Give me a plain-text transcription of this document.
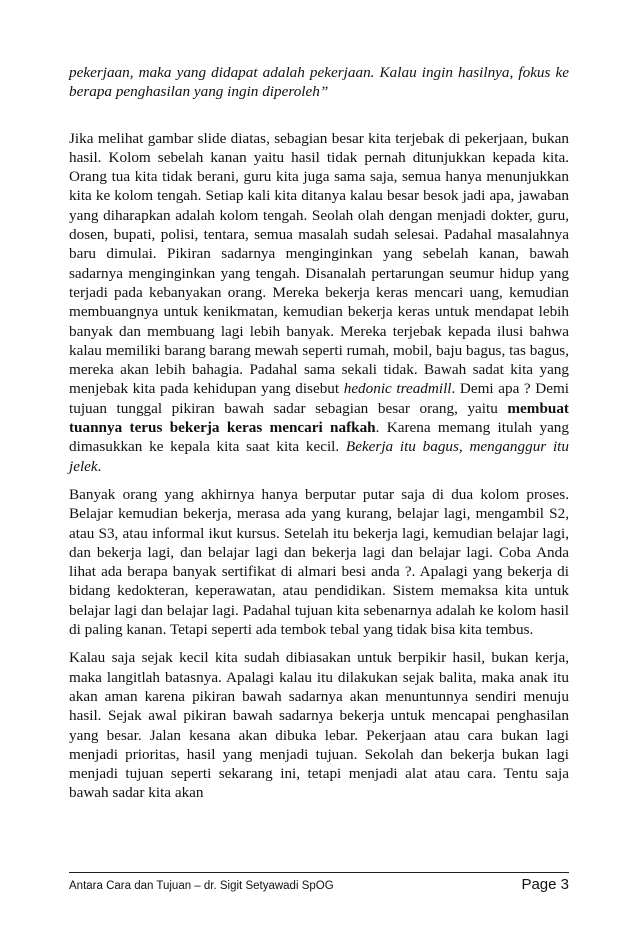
pekerjaan, maka yang didapat adalah pekerjaan. Kalau ingin hasilnya, fokus ke berapa penghasilan yang ingin diperoleh”

Jika melihat gambar slide diatas, sebagian besar kita terjebak di pekerjaan, bukan hasil. Kolom sebelah kanan yaitu hasil tidak pernah ditunjukkan kepada kita. Orang tua kita tidak berani, guru kita juga sama saja, semua hanya menunjukkan kita ke kolom tengah. Setiap kali kita ditanya kalau besar besok jadi apa, jawaban yang diharapkan adalah kolom tengah. Seolah olah dengan menjadi dokter, guru, dosen, bupati, polisi, tentara, semua masalah sudah selesai. Padahal masalahnya baru dimulai. Pikiran sadarnya menginginkan yang sebelah kanan, bawah sadarnya menginginkan yang tengah. Disanalah pertarungan seumur hidup yang terjadi pada kebanyakan orang. Mereka bekerja keras mencari uang, kemudian membuangnya untuk kenikmatan, kemudian bekerja keras untuk mendapat lebih banyak dan membuang lagi lebih banyak. Mereka terjebak kepada ilusi bahwa kalau memiliki barang barang mewah seperti rumah, mobil, baju bagus, tas bagus, mereka akan lebih bahagia. Padahal sama sekali tidak. Bawah sadat kita yang menjebak kita pada kehidupan yang disebut hedonic treadmill. Demi apa ? Demi tujuan tunggal pikiran bawah sadar sebagian besar orang, yaitu membuat tuannya terus bekerja keras mencari nafkah. Karena memang itulah yang dimasukkan ke kepala kita saat kita kecil. Bekerja itu bagus, menganggur itu jelek.

Banyak orang yang akhirnya hanya berputar putar saja di dua kolom proses. Belajar kemudian bekerja, merasa ada yang kurang, belajar lagi, mengambil S2, atau S3, atau informal ikut kursus. Setelah itu bekerja lagi, kemudian belajar lagi, dan bekerja lagi, dan belajar lagi dan bekerja lagi dan belajar lagi. Coba Anda lihat ada berapa banyak sertifikat di almari besi anda ?. Apalagi yang bekerja di bidang kedokteran, keperawatan, atau pendidikan. Sistem memaksa kita untuk belajar lagi dan belajar lagi. Padahal tujuan kita sebenarnya adalah ke kolom hasil di paling kanan. Tetapi seperti ada tembok tebal yang tidak bisa kita tembus.

Kalau saja sejak kecil kita sudah dibiasakan untuk berpikir hasil, bukan kerja, maka langitlah batasnya. Apalagi kalau itu dilakukan sejak balita, maka anak itu akan aman karena pikiran bawah sadarnya akan menuntunnya sendiri menuju hasil. Sejak awal pikiran bawah sadarnya bekerja untuk mencapai penghasilan yang besar. Jalan kesana akan dibuka lebar. Pekerjaan atau cara bukan lagi menjadi prioritas, hasil yang menjadi tujuan. Sekolah dan bekerja bukan lagi menjadi tujuan seperti sekarang ini, tetapi menjadi alat atau cara. Tentu saja bawah sadar kita akan

Antara Cara dan Tujuan – dr. Sigit Setyawadi SpOG	Page 3
